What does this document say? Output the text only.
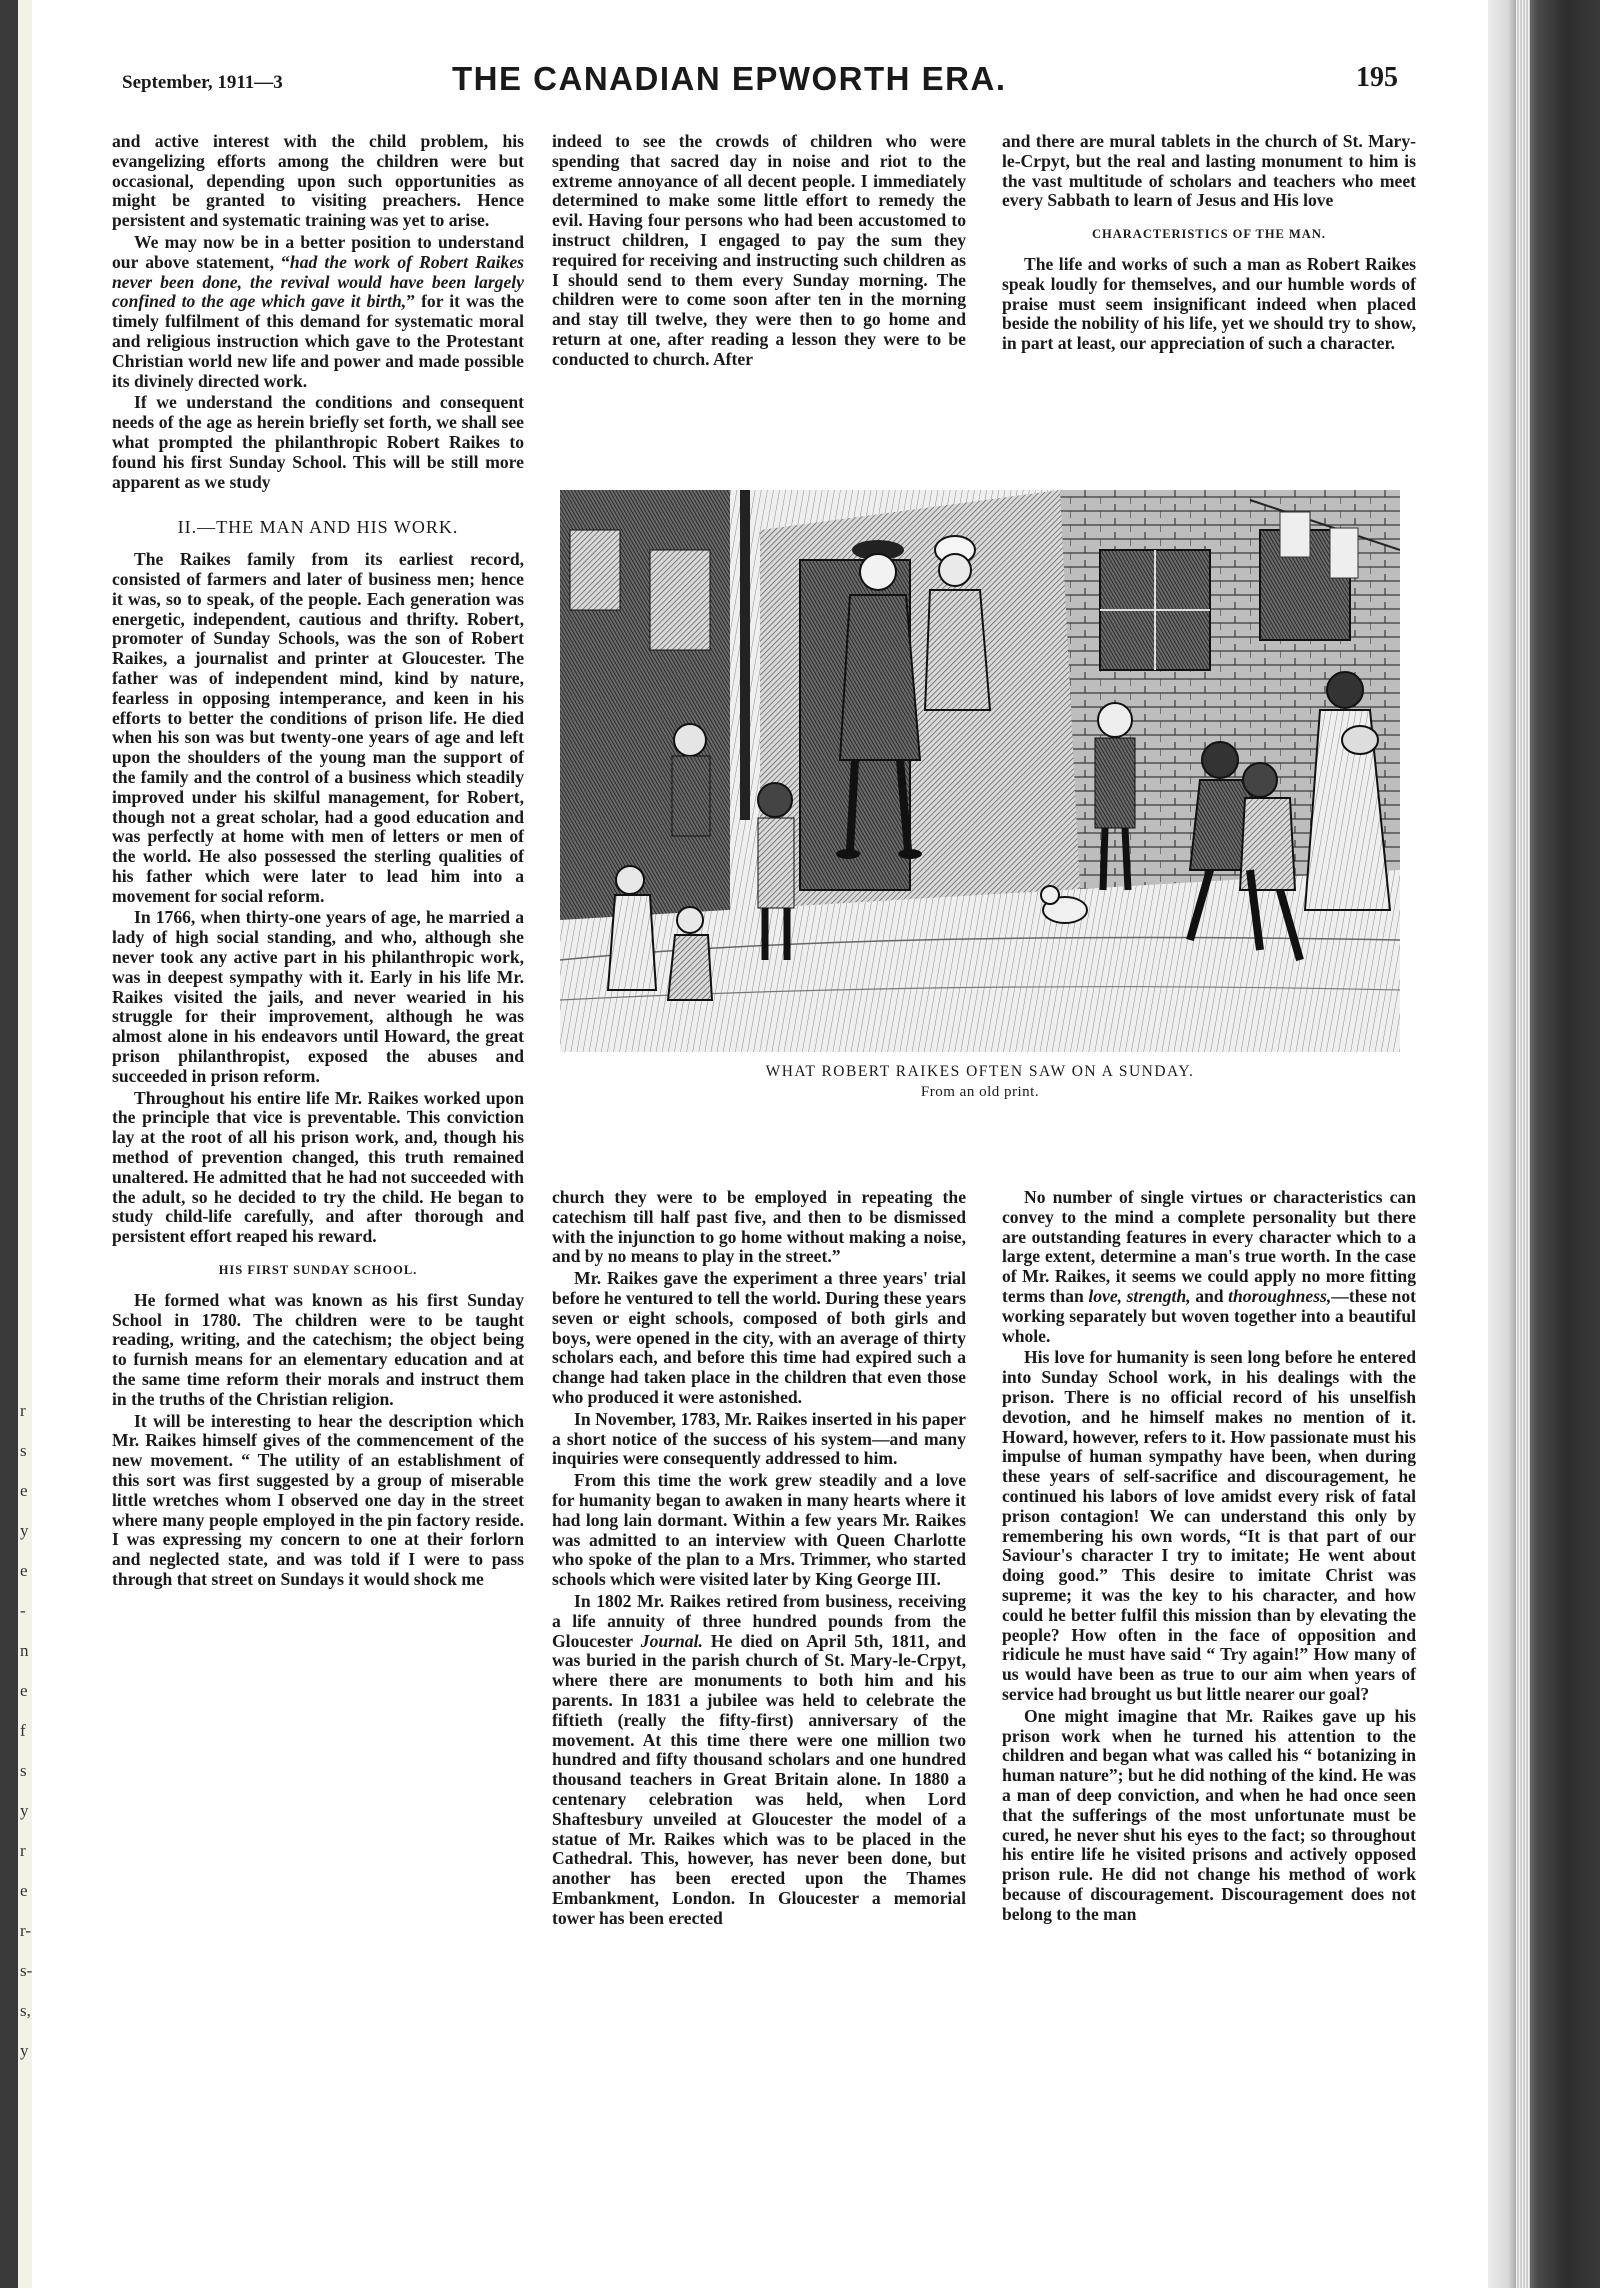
r
s
e
y
e
-
n
e
f
s
y
r
e
r-
s-
s,
y
September, 1911—3	THE CANADIAN EPWORTH ERA.	195

and active interest with the child problem, his evangelizing efforts among the children were but occasional, depending upon such opportunities as might be granted to visiting preachers. Hence persistent and systematic training was yet to arise.

We may now be in a better position to understand our above statement, “had the work of Robert Raikes never been done, the revival would have been largely confined to the age which gave it birth,” for it was the timely fulfilment of this demand for systematic moral and religious instruction which gave to the Protestant Christian world new life and power and made possible its divinely directed work.

If we understand the conditions and consequent needs of the age as herein briefly set forth, we shall see what prompted the philanthropic Robert Raikes to found his first Sunday School. This will be still more apparent as we study

II.—THE MAN AND HIS WORK.

The Raikes family from its earliest record, consisted of farmers and later of business men; hence it was, so to speak, of the people. Each generation was energetic, independent, cautious and thrifty. Robert, promoter of Sunday Schools, was the son of Robert Raikes, a journalist and printer at Gloucester. The father was of independent mind, kind by nature, fearless in opposing intemperance, and keen in his efforts to better the conditions of prison life. He died when his son was but twenty-one years of age and left upon the shoulders of the young man the support of the family and the control of a business which steadily improved under his skilful management, for Robert, though not a great scholar, had a good education and was perfectly at home with men of letters or men of the world. He also possessed the sterling qualities of his father which were later to lead him into a movement for social reform.

In 1766, when thirty-one years of age, he married a lady of high social standing, and who, although she never took any active part in his philanthropic work, was in deepest sympathy with it. Early in his life Mr. Raikes visited the jails, and never wearied in his struggle for their improvement, although he was almost alone in his endeavors until Howard, the great prison philanthropist, exposed the abuses and succeeded in prison reform.

Throughout his entire life Mr. Raikes worked upon the principle that vice is preventable. This conviction lay at the root of all his prison work, and, though his method of prevention changed, this truth remained unaltered. He admitted that he had not succeeded with the adult, so he decided to try the child. He began to study child-life carefully, and after thorough and persistent effort reaped his reward.

HIS FIRST SUNDAY SCHOOL.

He formed what was known as his first Sunday School in 1780. The children were to be taught reading, writing, and the catechism; the object being to furnish means for an elementary education and at the same time reform their morals and instruct them in the truths of the Christian religion.

It will be interesting to hear the description which Mr. Raikes himself gives of the commencement of the new movement. “ The utility of an establishment of this sort was first suggested by a group of miserable little wretches whom I observed one day in the street where many people employed in the pin factory reside. I was expressing my concern to one at their forlorn and neglected state, and was told if I were to pass through that street on Sundays it would shock me

indeed to see the crowds of children who were spending that sacred day in noise and riot to the extreme annoyance of all decent people. I immediately determined to make some little effort to remedy the evil. Having four persons who had been accustomed to instruct children, I engaged to pay the sum they required for receiving and instructing such children as I should send to them every Sunday morning. The children were to come soon after ten in the morning and stay till twelve, they were then to go home and return at one, after reading a lesson they were to be conducted to church. After

and there are mural tablets in the church of St. Mary-le-Crpyt, but the real and lasting monument to him is the vast multitude of scholars and teachers who meet every Sabbath to learn of Jesus and His love

CHARACTERISTICS OF THE MAN.

The life and works of such a man as Robert Raikes speak loudly for themselves, and our humble words of praise must seem insignificant indeed when placed beside the nobility of his life, yet we should try to show, in part at least, our appreciation of such a character.

WHAT ROBERT RAIKES OFTEN SAW ON A SUNDAY.
From an old print.

church they were to be employed in repeating the catechism till half past five, and then to be dismissed with the injunction to go home without making a noise, and by no means to play in the street.”

Mr. Raikes gave the experiment a three years' trial before he ventured to tell the world. During these years seven or eight schools, composed of both girls and boys, were opened in the city, with an average of thirty scholars each, and before this time had expired such a change had taken place in the children that even those who produced it were astonished.

In November, 1783, Mr. Raikes inserted in his paper a short notice of the success of his system—and many inquiries were consequently addressed to him.

From this time the work grew steadily and a love for humanity began to awaken in many hearts where it had long lain dormant. Within a few years Mr. Raikes was admitted to an interview with Queen Charlotte who spoke of the plan to a Mrs. Trimmer, who started schools which were visited later by King George III.

In 1802 Mr. Raikes retired from business, receiving a life annuity of three hundred pounds from the Gloucester Journal. He died on April 5th, 1811, and was buried in the parish church of St. Mary-le-Crpyt, where there are monuments to both him and his parents. In 1831 a jubilee was held to celebrate the fiftieth (really the fifty-first) anniversary of the movement. At this time there were one million two hundred and fifty thousand scholars and one hundred thousand teachers in Great Britain alone. In 1880 a centenary celebration was held, when Lord Shaftesbury unveiled at Gloucester the model of a statue of Mr. Raikes which was to be placed in the Cathedral. This, however, has never been done, but another has been erected upon the Thames Embankment, London. In Gloucester a memorial tower has been erected

No number of single virtues or characteristics can convey to the mind a complete personality but there are outstanding features in every character which to a large extent, determine a man's true worth. In the case of Mr. Raikes, it seems we could apply no more fitting terms than love, strength, and thoroughness,—these not working separately but woven together into a beautiful whole.

His love for humanity is seen long before he entered into Sunday School work, in his dealings with the prison. There is no official record of his unselfish devotion, and he himself makes no mention of it. Howard, however, refers to it. How passionate must his impulse of human sympathy have been, when during these years of self-sacrifice and discouragement, he continued his labors of love amidst every risk of fatal prison contagion! We can understand this only by remembering his own words, “It is that part of our Saviour's character I try to imitate; He went about doing good.” This desire to imitate Christ was supreme; it was the key to his character, and how could he better fulfil this mission than by elevating the people? How often in the face of opposition and ridicule he must have said “ Try again!” How many of us would have been as true to our aim when years of service had brought us but little nearer our goal?

One might imagine that Mr. Raikes gave up his prison work when he turned his attention to the children and began what was called his “ botanizing in human nature”; but he did nothing of the kind. He was a man of deep conviction, and when he had once seen that the sufferings of the most unfortunate must be cured, he never shut his eyes to the fact; so throughout his entire life he visited prisons and actively opposed prison rule. He did not change his method of work because of discouragement. Discouragement does not belong to the man
